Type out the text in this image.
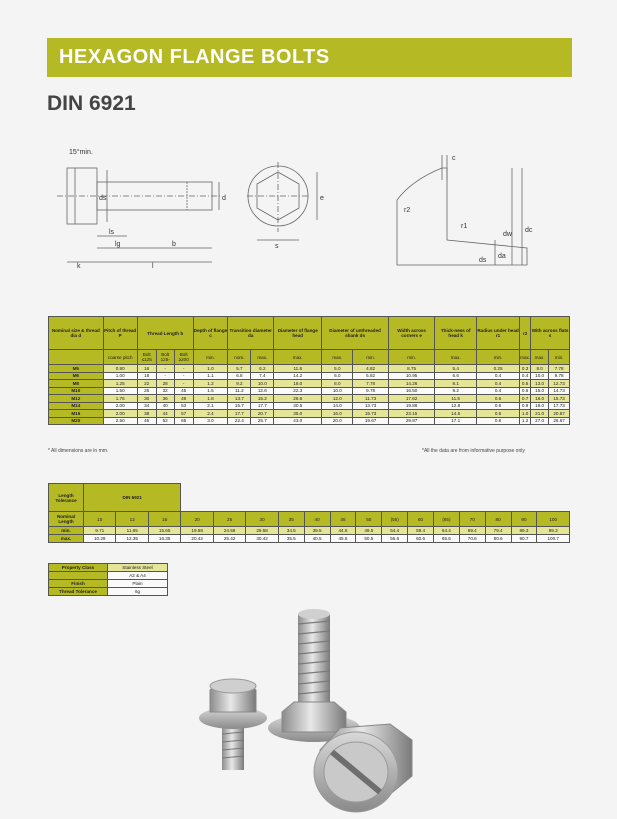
HEXAGON FLANGE BOLTS
DIN 6921
15°min.
ds	d
ls
lg	b
k	l
e
s
c
r2
r1
dw
dc
ds
da
Nominal size & thread dia d	Pitch of thread P	Thread Length b			Depth of flange c	Transition diameter da		Diameter of flange head	Diameter of unthreaded shank ds		Width across corners e	Thick-ness of head k	Radius under head r1	r2	With across flats s	
	coarse pitch	Bolt ≤125	Bolt 125-	Bolt ≥200	min.	nom.	max.	max.	max.	min.	min.	max.	min.	max.	max.	min.
M5	0.80	16	-	-	1.0	5.7	6.2	11.8	5.0	4.82	8.75	5.4	0.25	0.3	8.0	7.78
M6	1.00	18	-	-	1.1	6.8	7.4	14.2	6.0	5.82	10.95	6.6	0.4	0.4	10.0	9.78
M8	1.25	22	28	-	1.2	9.2	10.0	18.0	8.0	7.78	14.26	8.1	0.4	0.5	13.0	12.73
M10	1.50	26	32	45	1.5	11.2	12.6	22.3	10.0	9.78	16.50	9.2	0.4	0.6	15.0	14.73
M12	1.75	30	36	49	1.8	13.7	15.2	26.6	12.0	11.73	17.62	11.5	0.6	0.7	16.0	15.73
M14	2.00	34	40	53	2.1	15.7	17.7	30.5	14.0	13.73	19.86	12.8	0.6	0.9	18.0	17.73
M16	2.00	38	44	57	2.4	17.7	20.7	35.0	16.0	15.73	23.15	14.6	0.6	1.0	21.0	20.67
M20	2.50	46	52	65	3.0	22.4	25.7	43.0	20.0	19.67	29.87	17.1	0.8	1.2	27.0	26.67
* All dimensions are in mm.	*All the data are from informative purpose only
Length Tolerance	DIN 6921																
Nominal Length	10	12	16	20	25	30	35	40	45	50	(55)	60	(65)	70	80	90	100
min.	9.71	11.65	15.65	19.58	24.58	29.58	34.5	39.5	44.5	49.5	54.4	59.4	64.4	69.4	79.4	89.3	99.3
max.	10.29	12.35	16.35	20.42	25.42	30.42	35.5	40.5	45.5	50.5	55.6	60.6	65.6	70.6	80.6	90.7	100.7
Property Class	Stainless Steel
	A2 & A4
Finish	Plain
Thread Tolerance	6g
